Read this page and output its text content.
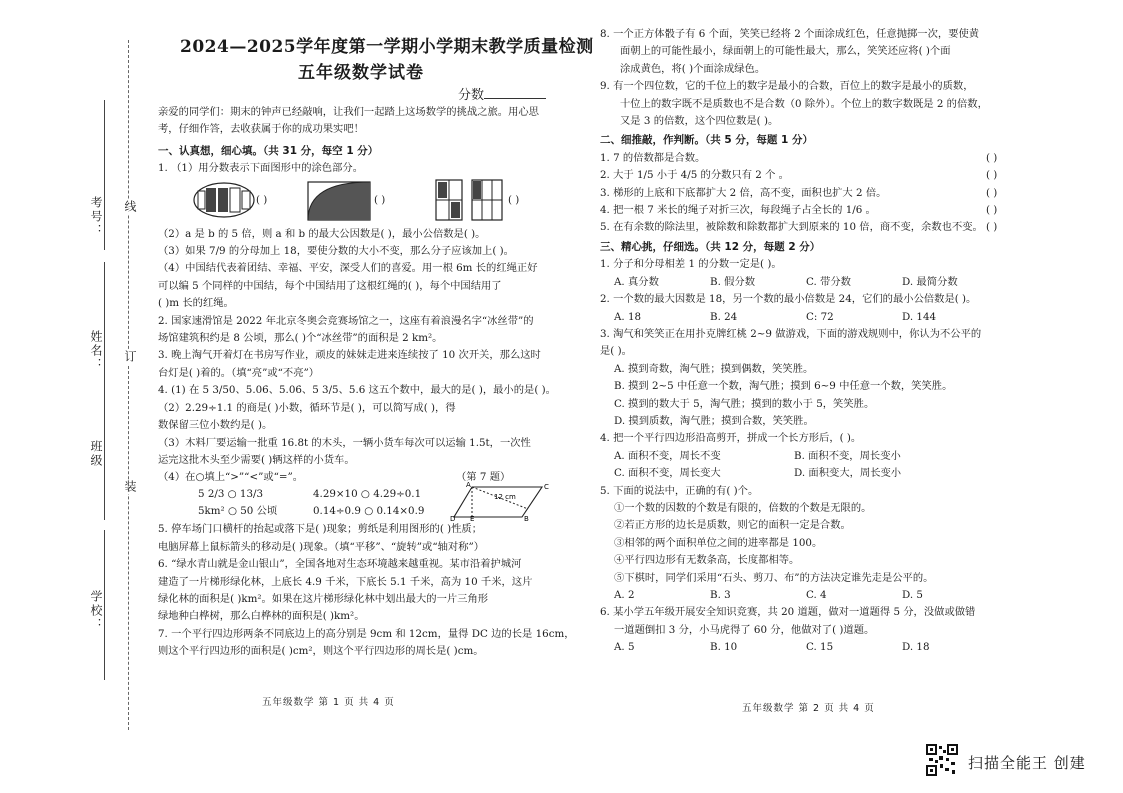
考号：
姓名：
班级
学校：
线
订
装
2024—2025学年度第一学期小学期末教学质量检测
五年级数学试卷
分数

亲爱的同学们：期末的钟声已经敲响，让我们一起踏上这场数学的挑战之旅。用心思

考，仔细作答，去收获属于你的成功果实吧！

一、认真想，细心填。（共 31 分，每空 1 分）

1. （1）用分数表示下面图形中的涂色部分。

( )	( )	( )

（2）a 是 b 的 5 倍，则 a 和 b 的最大公因数是( )，最小公倍数是( )。

（3）如果 7/9 的分母加上 18，要使分数的大小不变，那么分子应该加上( )。

（4）中国结代表着团结、幸福、平安，深受人们的喜爱。用一根 6m 长的红绳正好

可以编 5 个同样的中国结，每个中国结用了这根红绳的( )，每个中国结用了

( )m 长的红绳。

2. 国家速滑馆是 2022 年北京冬奥会竞赛场馆之一，这座有着浪漫名字“冰丝带”的

场馆建筑积约是 8 公顷，那么( )个“冰丝带”的面积是 2 km²。

3. 晚上淘气开着灯在书房写作业，顽皮的妹妹走进来连续按了 10 次开关，那么这时

台灯是( )着的。（填“亮”或“不亮”）

4. (1) 在 5 3/50、5.06̇、5.06̇、5 3/5、5.6 这五个数中，最大的是( )，最小的是( )。

（2）2.29÷1.1 的商是( )小数，循环节是( )，可以简写成( )，得

数保留三位小数约是( )。

（3）木料厂要运输一批重 16.8t 的木头，一辆小货车每次可以运输 1.5t，一次性

运完这批木头至少需要( )辆这样的小货车。

（4）在○填上“>”“<”或“=”。	（第 7 题）

5 2/3 ○ 13/3	4.29×10 ○ 4.29÷0.1

5km² ○ 50 公顷	0.14÷0.9 ○ 0.14×0.9

A	C
D	B
E
12 cm

5. 停车场门口横杆的抬起或落下是( )现象；剪纸是利用图形的( )性质；

电脑屏幕上鼠标箭头的移动是( )现象。（填“平移”、“旋转”或“轴对称”）

6. “绿水青山就是金山银山”，全国各地对生态环境越来越重视。某市沿着护城河

建造了一片梯形绿化林，上底长 4.9 千米，下底长 5.1 千米，高为 10 千米，这片

绿化林的面积是( )km²。如果在这片梯形绿化林中划出最大的一片三角形

绿地种白桦树，那么白桦林的面积是( )km²。

7. 一个平行四边形两条不同底边上的高分别是 9cm 和 12cm，量得 DC 边的长是 16cm，

则这个平行四边形的面积是( )cm²，则这个平行四边形的周长是( )cm。

五年级数学 第 1 页 共 4 页

8. 一个正方体骰子有 6 个面，笑笑已经将 2 个面涂成红色，任意抛掷一次，要使黄

面朝上的可能性最小，绿面朝上的可能性最大，那么，笑笑还应将( )个面

涂成黄色，将( )个面涂成绿色。

9. 有一个四位数，它的千位上的数字是最小的合数，百位上的数字是最小的质数，

十位上的数字既不是质数也不是合数（0 除外）。个位上的数字数既是 2 的倍数，

又是 3 的倍数，这个四位数是( )。

二、细推敲，作判断。（共 5 分，每题 1 分）

1. 7 的倍数都是合数。	( )

2. 大于 1/5 小于 4/5 的分数只有 2 个 。	( )

3. 梯形的上底和下底都扩大 2 倍，高不变，面积也扩大 2 倍。	( )

4. 把一根 7 米长的绳子对折三次，每段绳子占全长的 1/6 。	( )

5. 在有余数的除法里，被除数和除数都扩大到原来的 10 倍，商不变，余数也不变。 ( )

三、精心挑，仔细选。（共 12 分，每题 2 分）

1. 分子和分母相差 1 的分数一定是( )。

A. 真分数	B. 假分数	C. 带分数	D. 最简分数

2. 一个数的最大因数是 18，另一个数的最小倍数是 24，它们的最小公倍数是( )。

A. 18	B. 24	C: 72	D. 144

3. 淘气和笑笑正在用扑克牌红桃 2~9 做游戏，下面的游戏规则中，你认为不公平的

是( )。

A. 摸到奇数，淘气胜；摸到偶数，笑笑胜。

B. 摸到 2~5 中任意一个数，淘气胜；摸到 6~9 中任意一个数，笑笑胜。

C. 摸到的数大于 5，淘气胜；摸到的数小于 5，笑笑胜。

D. 摸到质数，淘气胜；摸到合数，笑笑胜。

4. 把一个平行四边形沿高剪开，拼成一个长方形后，( )。

A. 面积不变，周长不变	B. 面积不变，周长变小

C. 面积不变，周长变大	D. 面积变大，周长变小

5. 下面的说法中，正确的有( )个。

①一个数的因数的个数是有限的，倍数的个数是无限的。

②若正方形的边长是质数，则它的面积一定是合数。

③相邻的两个面积单位之间的进率都是 100。

④平行四边形有无数条高，长度都相等。

⑤下棋时，同学们采用“石头、剪刀、布”的方法决定谁先走是公平的。

A. 2	B. 3	C. 4	D. 5

6. 某小学五年级开展安全知识竞赛，共 20 道题，做对一道题得 5 分，没做或做错

一道题倒扣 3 分，小马虎得了 60 分，他做对了( )道题。

A. 5	B. 10	C. 15	D. 18

五年级数学 第 2 页 共 4 页
扫描全能王 创建
